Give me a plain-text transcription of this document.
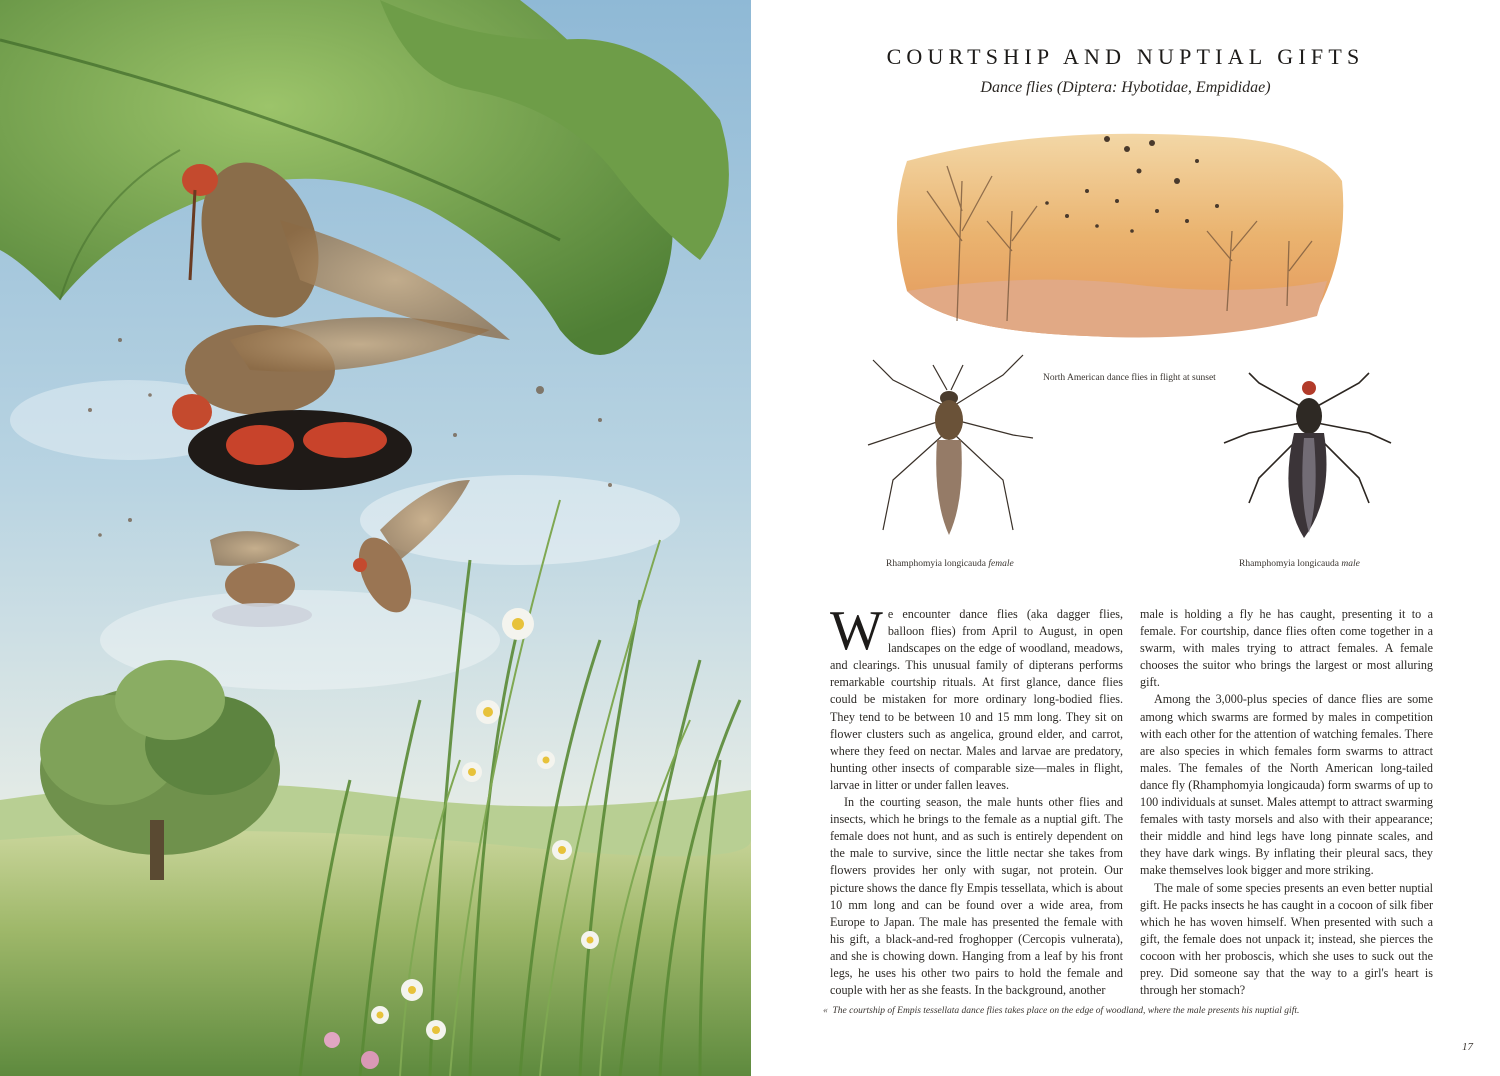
COURTSHIP AND NUPTIAL GIFTS
Dance flies (Diptera: Hybotidae, Empididae)
North American dance flies in flight at sunset
Rhamphomyia longicauda female	Rhamphomyia longicauda male

We encounter dance flies (aka dagger flies, balloon flies) from April to August, in open landscapes on the edge of woodland, meadows, and clearings. This unusual family of dipterans performs remarkable courtship rituals. At first glance, dance flies could be mistaken for more ordinary long-bodied flies. They tend to be between 10 and 15 mm long. They sit on flower clusters such as angelica, ground elder, and carrot, where they feed on nectar. Males and larvae are predatory, hunting other insects of comparable size—males in flight, larvae in litter or under fallen leaves.

In the courting season, the male hunts other flies and insects, which he brings to the female as a nuptial gift. The female does not hunt, and as such is entirely dependent on the male to survive, since the little nectar she takes from flowers provides her only with sugar, not protein. Our picture shows the dance fly Empis tessellata, which is about 10 mm long and can be found over a wide area, from Europe to Japan. The male has presented the female with his gift, a black-and-red froghopper (Cercopis vulnerata), and she is chowing down. Hanging from a leaf by his front legs, he uses his other two pairs to hold the female and couple with her as she feasts. In the background, another

male is holding a fly he has caught, presenting it to a female. For courtship, dance flies often come together in a swarm, with males trying to attract females. A female chooses the suitor who brings the largest or most alluring gift.

Among the 3,000-plus species of dance flies are some among which swarms are formed by males in competition with each other for the attention of watching females. There are also species in which females form swarms to attract males. The females of the North American long-tailed dance fly (Rhamphomyia longicauda) form swarms of up to 100 individuals at sunset. Males attempt to attract swarming females with tasty morsels and also with their appearance; their middle and hind legs have long pinnate scales, and they have dark wings. By inflating their pleural sacs, they make themselves look bigger and more striking.

The male of some species presents an even better nuptial gift. He packs insects he has caught in a cocoon of silk fiber which he has woven himself. When presented with such a gift, the female does not unpack it; instead, she pierces the cocoon with her proboscis, which she uses to suck out the prey. Did someone say that the way to a girl's heart is through her stomach?

« The courtship of Empis tessellata dance flies takes place on the edge of woodland, where the male presents his nuptial gift.
17
